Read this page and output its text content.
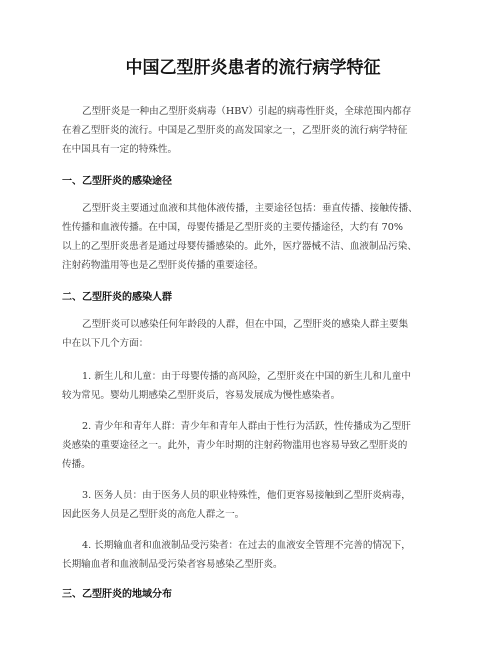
中国乙型肝炎患者的流行病学特征

乙型肝炎是一种由乙型肝炎病毒（HBV）引起的病毒性肝炎，全球范围内都存
在着乙型肝炎的流行。中国是乙型肝炎的高发国家之一，乙型肝炎的流行病学特征
在中国具有一定的特殊性。

一、乙型肝炎的感染途径

乙型肝炎主要通过血液和其他体液传播，主要途径包括：垂直传播、接触传播、
性传播和血液传播。在中国，母婴传播是乙型肝炎的主要传播途径，大约有 70%
以上的乙型肝炎患者是通过母婴传播感染的。此外，医疗器械不洁、血液制品污染、
注射药物滥用等也是乙型肝炎传播的重要途径。

二、乙型肝炎的感染人群

乙型肝炎可以感染任何年龄段的人群，但在中国，乙型肝炎的感染人群主要集
中在以下几个方面：

1. 新生儿和儿童：由于母婴传播的高风险，乙型肝炎在中国的新生儿和儿童中
较为常见。婴幼儿期感染乙型肝炎后，容易发展成为慢性感染者。
2. 青少年和青年人群：青少年和青年人群由于性行为活跃，性传播成为乙型肝
炎感染的重要途径之一。此外，青少年时期的注射药物滥用也容易导致乙型肝炎的
传播。
3. 医务人员：由于医务人员的职业特殊性，他们更容易接触到乙型肝炎病毒，
因此医务人员是乙型肝炎的高危人群之一。
4. 长期输血者和血液制品受污染者：在过去的血液安全管理不完善的情况下，
长期输血者和血液制品受污染者容易感染乙型肝炎。
三、乙型肝炎的地域分布
